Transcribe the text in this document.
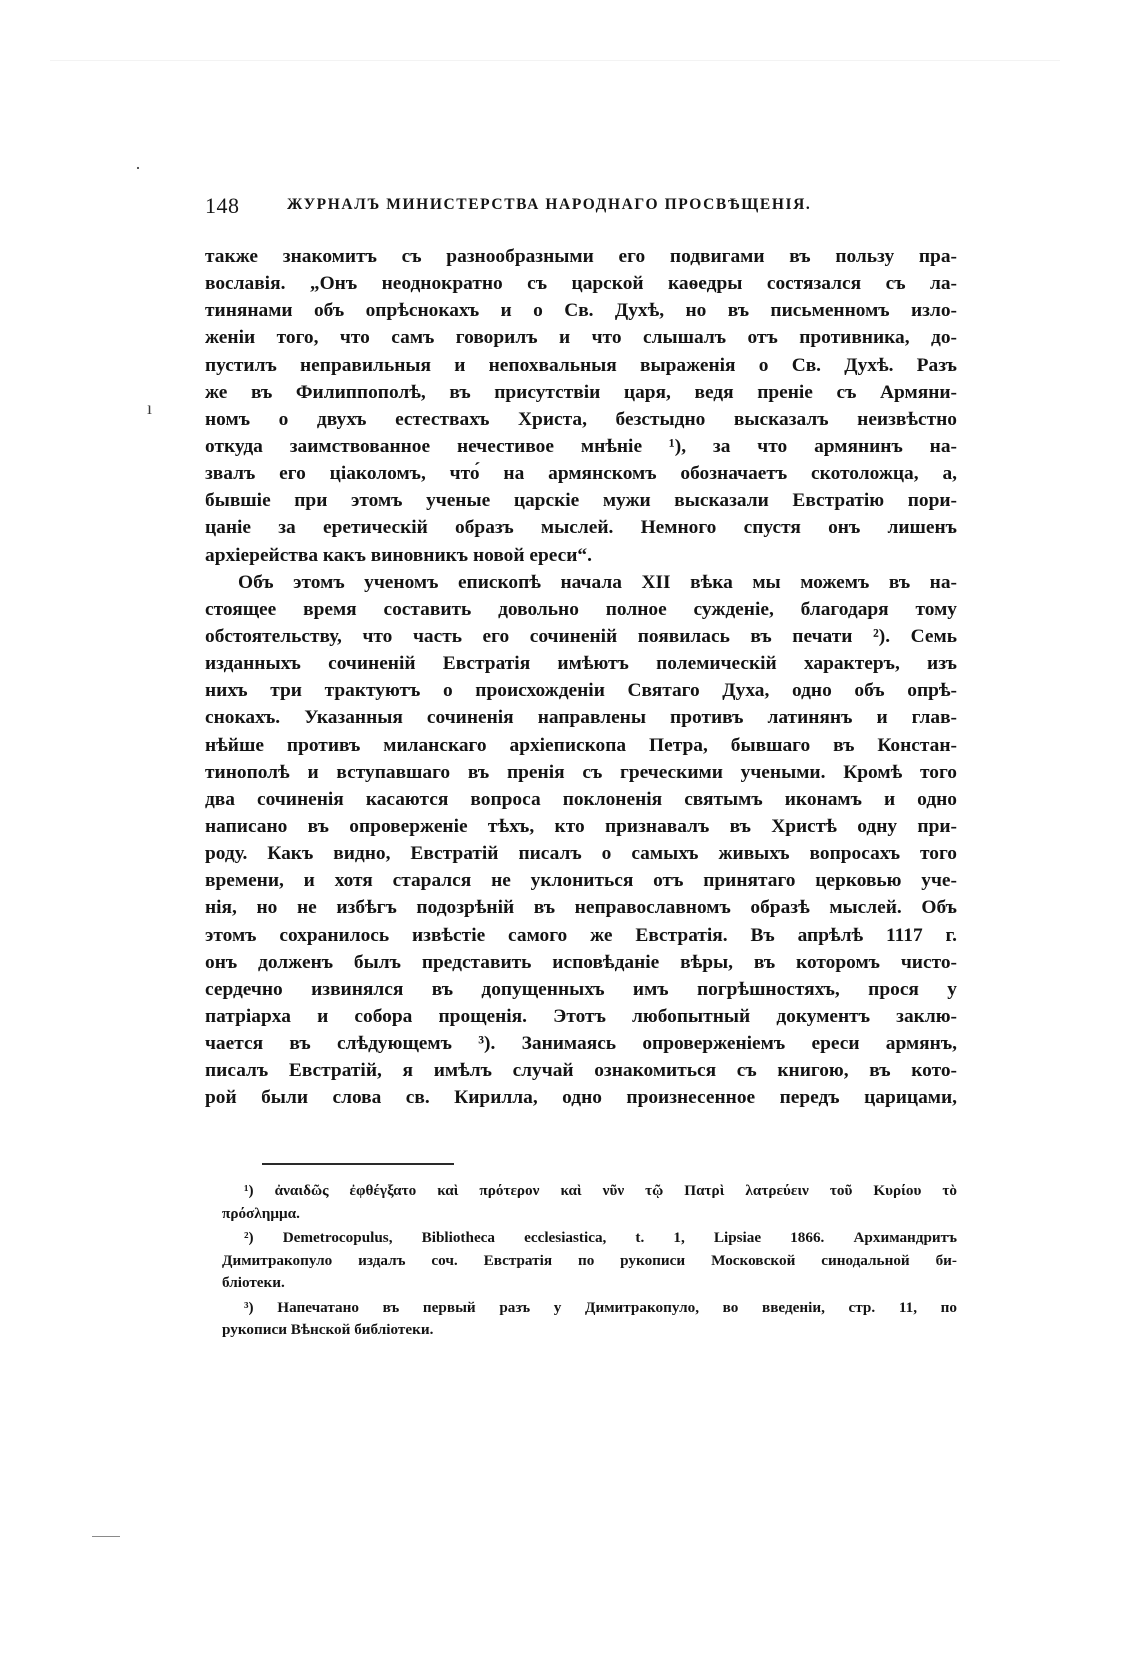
·
ı
148	ЖУРНАЛЪ МИНИСТЕРСТВА НАРОДНАГО ПРОСВѢЩЕНІЯ.
также знакомитъ съ разнообразными его подвигами въ пользу пра-
вославія. „Онъ неоднократно съ царской каѳедры состязался съ ла-
тинянами объ опрѣснокахъ и о Св. Духѣ, но въ письменномъ изло-
женіи того, что самъ говорилъ и что слышалъ отъ противника, до-
пустилъ неправильныя и непохвальныя выраженія о Св. Духѣ. Разъ
же въ Филиппополѣ, въ присутствіи царя, ведя преніе съ Армяни-
номъ о двухъ естествахъ Христа, безстыдно высказалъ неизвѣстно
откуда заимствованное нечестивое мнѣніе ¹), за что армянинъ на-
звалъ его ціаколомъ, что́ на армянскомъ обозначаетъ скотоложца, а,
бывшіе при этомъ ученые царскіе мужи высказали Евстратію пори-
цаніе за еретическій образъ мыслей. Немного спустя онъ лишенъ
архіерейства какъ виновникъ новой ереси“.
Объ этомъ ученомъ епископѣ начала XII вѣка мы можемъ въ на-
стоящее время составить довольно полное сужденіе, благодаря тому
обстоятельству, что часть его сочиненій появилась въ печати ²). Семь
изданныхъ сочиненій Евстратія имѣютъ полемическій характеръ, изъ
нихъ три трактуютъ о происхожденіи Святаго Духа, одно объ опрѣ-
снокахъ. Указанныя сочиненія направлены противъ латинянъ и глав-
нѣйше противъ миланскаго архіепископа Петра, бывшаго въ Констан-
тинополѣ и вступавшаго въ пренія съ греческими учеными. Кромѣ того
два сочиненія касаются вопроса поклоненія святымъ иконамъ и одно
написано въ опроверженіе тѣхъ, кто признавалъ въ Христѣ одну при-
роду. Какъ видно, Евстратій писалъ о самыхъ живыхъ вопросахъ того
времени, и хотя старался не уклониться отъ принятаго церковью уче-
нія, но не избѣгъ подозрѣній въ неправославномъ образѣ мыслей. Объ
этомъ сохранилось извѣстіе самого же Евстратія. Въ апрѣлѣ 1117 г.
онъ долженъ былъ представить исповѣданіе вѣры, въ которомъ чисто-
сердечно извинялся въ допущенныхъ имъ погрѣшностяхъ, прося у
патріарха и собора прощенія. Этотъ любопытный документъ заклю-
чается въ слѣдующемъ ³). Занимаясь опроверженіемъ ереси армянъ,
писалъ Евстратій, я имѣлъ случай ознакомиться съ книгою, въ кото-
рой были слова св. Кирилла, одно произнесенное передъ царицами,
¹) ἀναιδῶς ἐφθέγξατο καὶ πρότερον καὶ νῦν τῷ Πατρὶ λατρεύειν τοῦ Κυρίου τὸ
πρόσλημμα.
²) Demetrocopulus, Bibliotheca ecclesiastica, t. 1, Lipsiae 1866. Архимандритъ
Димитракопуло издалъ соч. Евстратія по рукописи Московской синодальной би-
бліотеки.
³) Напечатано въ первый разъ у Димитракопуло, во введеніи, стр. 11, по
рукописи Вѣнской библіотеки.
